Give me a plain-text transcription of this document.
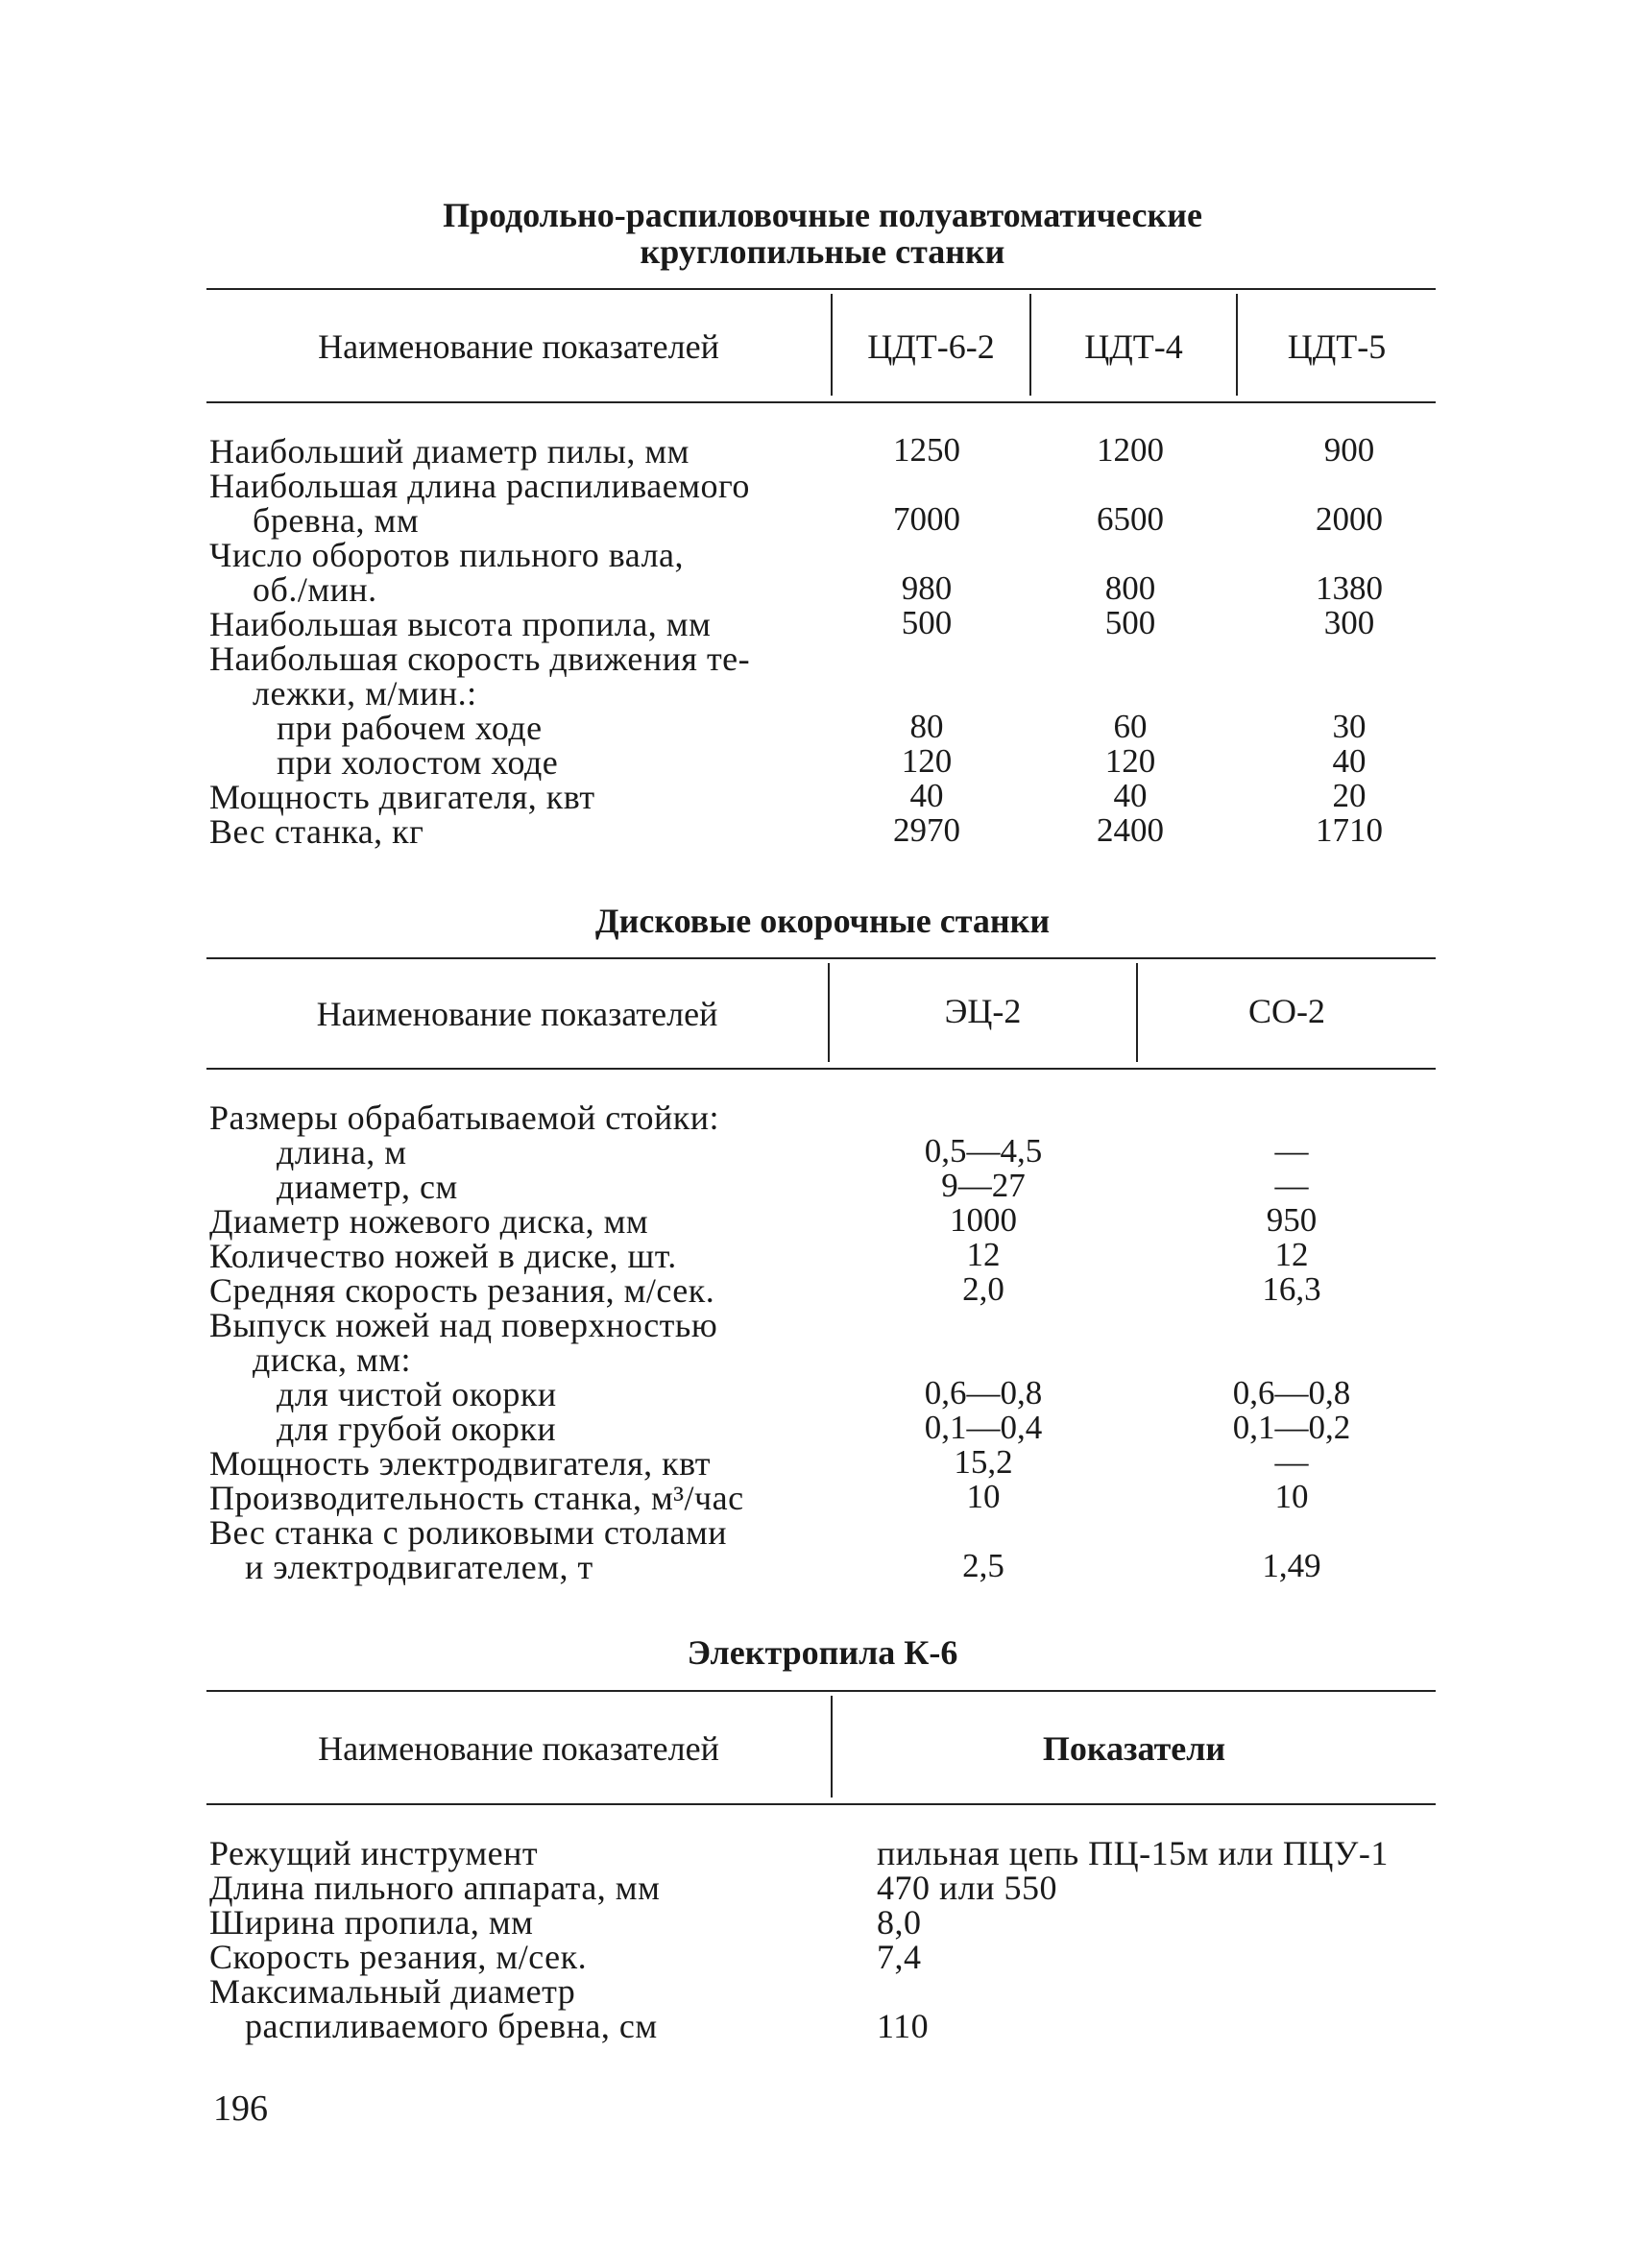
Продольно-распиловочные полуавтоматические
круглопильные станки
Наименование показателей	ЦДТ-6-2	ЦДТ-4	ЦДТ-5
Наибольший диаметр пилы, мм	1250	1200	900
Наибольшая длина распиливаемого
бревна, мм	7000	6500	2000
Число оборотов пильного вала,
об./мин.	980	800	1380
Наибольшая высота пропила, мм	500	500	300
Наибольшая скорость движения те-
лежки, м/мин.:
при рабочем ходе	80	60	30
при холостом ходе	120	120	40
Мощность двигателя, квт	40	40	20
Вес станка, кг	2970	2400	1710
Дисковые окорочные станки
Наименование показателей	ЭЦ-2	СО-2
Размеры обрабатываемой стойки:
длина, м	0,5—4,5	—
диаметр, см	9—27	—
Диаметр ножевого диска, мм	1000	950
Количество ножей в диске, шт.	12	12
Средняя скорость резания, м/сек.	2,0	16,3
Выпуск ножей над поверхностью
диска, мм:
для чистой окорки	0,6—0,8	0,6—0,8
для грубой окорки	0,1—0,4	0,1—0,2
Мощность электродвигателя, квт	15,2	—
Производительность станка, м³/час	10	10
Вес станка с роликовыми столами
и электродвигателем, т	2,5	1,49
Электропила К-6
Наименование показателей	Показатели
Режущий инструмент	пильная цепь ПЦ-15м или ПЦУ-1
Длина пильного аппарата, мм	470 или 550
Ширина пропила, мм	8,0
Скорость резания, м/сек.	7,4
Максимальный диаметр
распиливаемого бревна, см	110
196
